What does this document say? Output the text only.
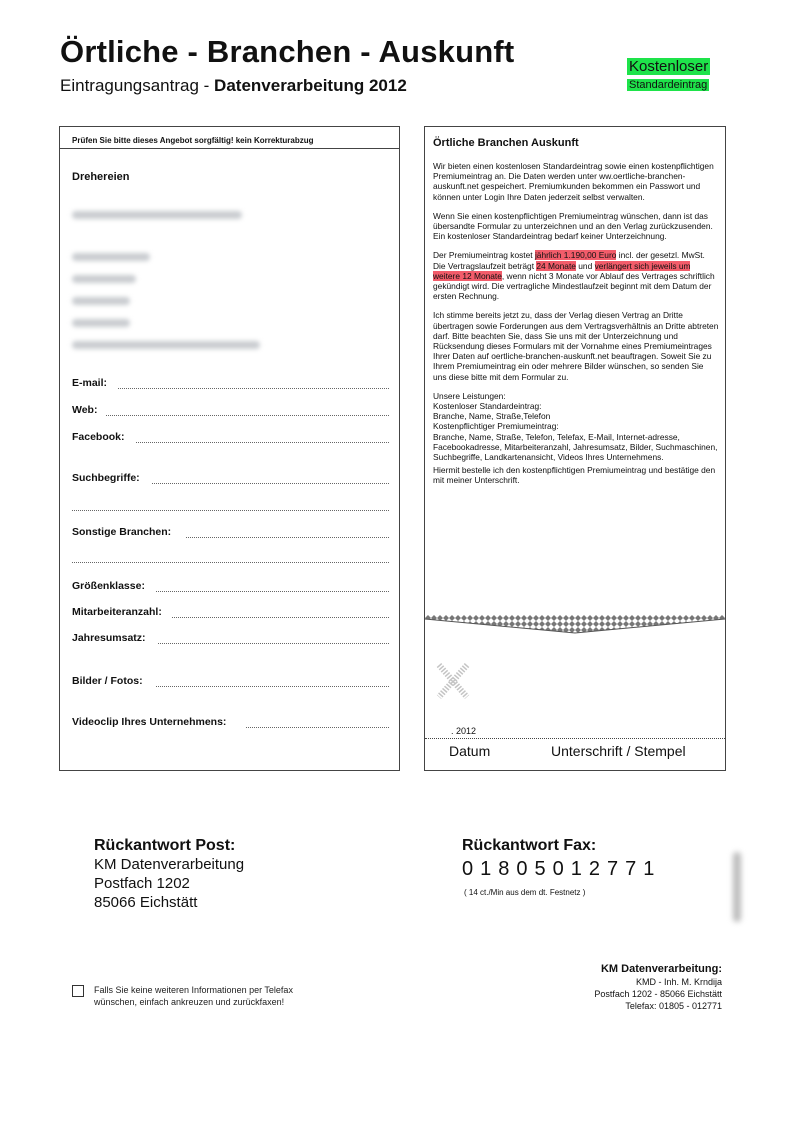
Örtliche - Branchen - Auskunft
Eintragungsantrag - Datenverarbeitung 2012
Kostenloser
Standardeintrag
Prüfen Sie bitte dieses Angebot sorgfältig! kein Korrekturabzug
Drehereien
E-mail:
Web:
Facebook:
Suchbegriffe:
Sonstige Branchen:
Größenklasse:
Mitarbeiteranzahl:
Jahresumsatz:
Bilder / Fotos:
Videoclip Ihres Unternehmens:
Örtliche Branchen Auskunft

Wir bieten einen kostenlosen Standardeintrag sowie einen kostenpflichtigen Premiumeintrag an. Die Daten werden unter ww.oertliche-branchen-auskunft.net gespeichert. Premiumkunden bekommen ein Passwort und können unter Login Ihre Daten jederzeit selbst verwalten.

Wenn Sie einen kostenpflichtigen Premiumeintrag wünschen, dann ist das übersandte Formular zu unterzeichnen und an den Verlag zurückzusenden. Ein kostenloser Standardeintrag bedarf keiner Unterzeichnung.

Der Premiumeintrag kostet jährlich 1.190,00 Euro incl. der gesetzl. MwSt. Die Vertragslaufzeit beträgt 24 Monate und verlängert sich jeweils um weitere 12 Monate, wenn nicht 3 Monate vor Ablauf des Vertrages schriftlich gekündigt wird. Die vertragliche Mindestlaufzeit beginnt mit dem Datum der ersten Rechnung.

Ich stimme bereits jetzt zu, dass der Verlag diesen Vertrag an Dritte übertragen sowie Forderungen aus dem Vertragsverhältnis an Dritte abtreten darf. Bitte beachten Sie, dass Sie uns mit der Unterzeichnung und Rücksendung dieses Formulars mit der Vornahme eines Premiumeintrages Ihrer Daten auf oertliche-branchen-auskunft.net beauftragen. Soweit Sie zu Ihrem Premiumeintrag ein oder mehrere Bilder wünschen, so senden Sie uns diese bitte mit dem Formular zu.

Unsere Leistungen:
Kostenloser Standardeintrag:
Branche, Name, Straße,Telefon
Kostenpflichtiger Premiumeintrag:
Branche, Name, Straße, Telefon, Telefax, E-Mail, Internet-adresse, Facebookadresse, Mitarbeiteranzahl, Jahresumsatz, Bilder, Suchmaschinen, Suchbegriffe, Landkartenansicht, Videos Ihres Unternehmens.

Hiermit bestelle ich den kostenpflichtigen Premiumeintrag und bestätige den mit meiner Unterschrift.

. 2012
Datum	Unterschrift / Stempel
Rückantwort Post:
KM Datenverarbeitung
Postfach 1202
85066 Eichstätt
Rückantwort Fax:
01805012771
( 14 ct./Min aus dem dt. Festnetz )
Falls Sie keine weiteren Informationen per Telefax
wünschen, einfach ankreuzen und zurückfaxen!
KM Datenverarbeitung:
KMD - Inh. M. Krndija
Postfach 1202 - 85066 Eichstätt
Telefax: 01805 - 012771
